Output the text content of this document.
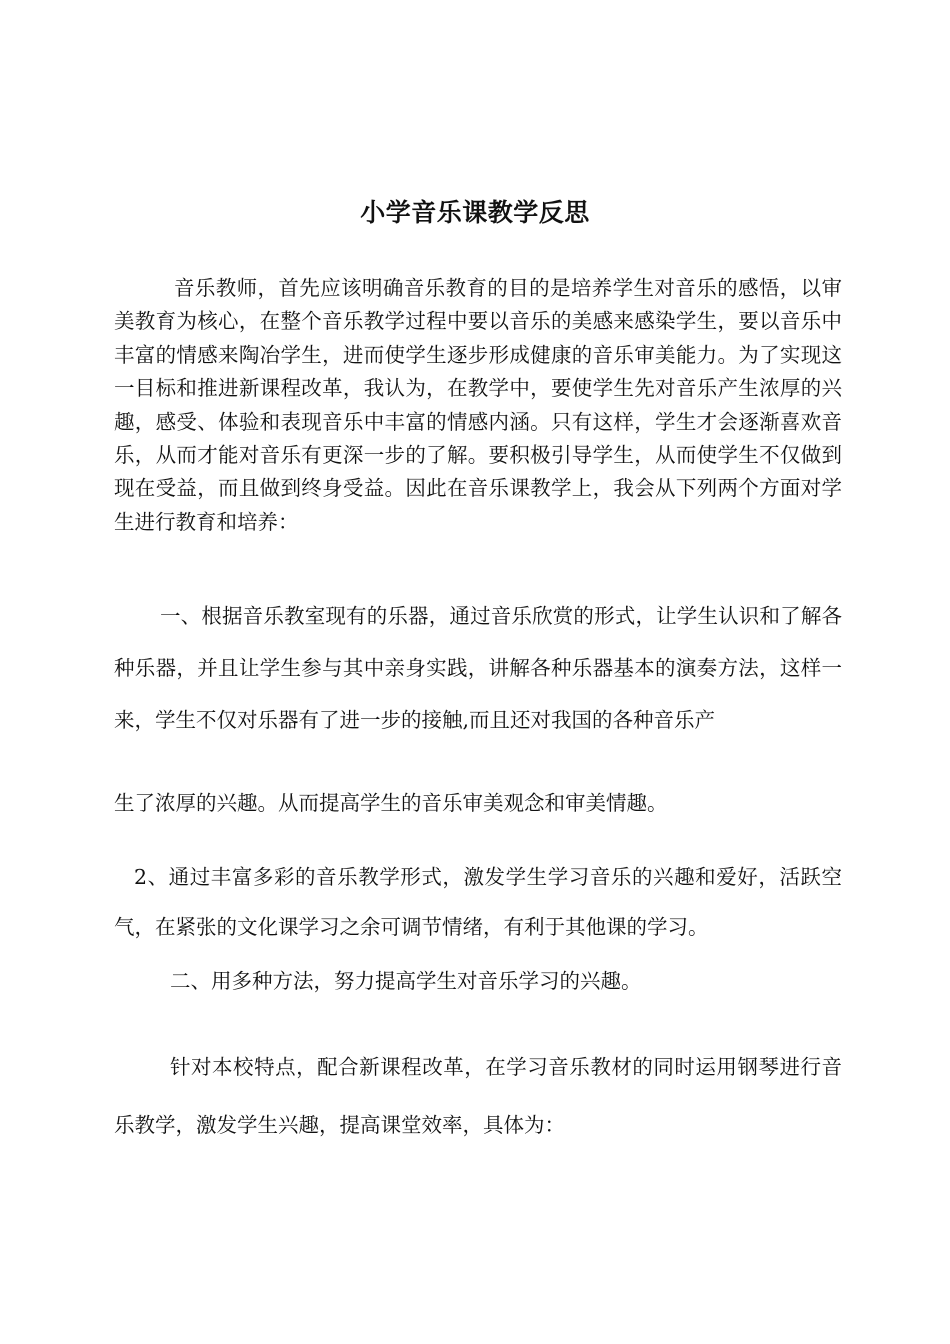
小学音乐课教学反思

音乐教师，首先应该明确音乐教育的目的是培养学生对音乐的感悟，以审美教育为核心，在整个音乐教学过程中要以音乐的美感来感染学生，要以音乐中丰富的情感来陶冶学生，进而使学生逐步形成健康的音乐审美能力。为了实现这一目标和推进新课程改革，我认为，在教学中，要使学生先对音乐产生浓厚的兴趣，感受、体验和表现音乐中丰富的情感内涵。只有这样，学生才会逐渐喜欢音乐，从而才能对音乐有更深一步的了解。要积极引导学生，从而使学生不仅做到现在受益，而且做到终身受益。因此在音乐课教学上，我会从下列两个方面对学生进行教育和培养：

一、根据音乐教室现有的乐器，通过音乐欣赏的形式，让学生认识和了解各种乐器，并且让学生参与其中亲身实践，讲解各种乐器基本的演奏方法，这样一来，学生不仅对乐器有了进一步的接触,而且还对我国的各种音乐产

生了浓厚的兴趣。从而提高学生的音乐审美观念和审美情趣。

2、通过丰富多彩的音乐教学形式，激发学生学习音乐的兴趣和爱好，活跃空气，在紧张的文化课学习之余可调节情绪，有利于其他课的学习。

二、用多种方法，努力提高学生对音乐学习的兴趣。

针对本校特点，配合新课程改革，在学习音乐教材的同时运用钢琴进行音乐教学，激发学生兴趣，提高课堂效率，具体为：
